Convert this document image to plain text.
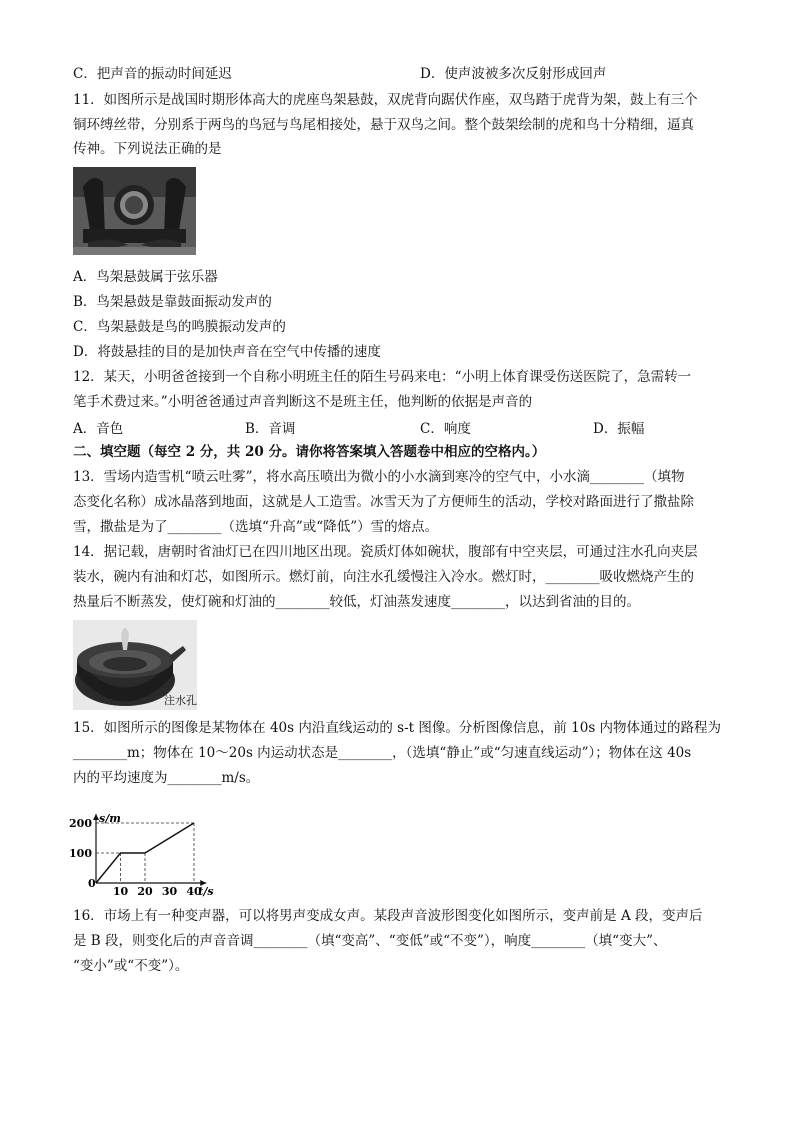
C．把声音的振动时间延迟	D．使声波被多次反射形成回声
11．如图所示是战国时期形体高大的虎座鸟架悬鼓，双虎背向踞伏作座，双鸟踏于虎背为架，鼓上有三个
铜环缚丝带，分别系于两鸟的鸟冠与鸟尾相接处，悬于双鸟之间。整个鼓架绘制的虎和鸟十分精细，逼真
传神。下列说法正确的是
A．鸟架悬鼓属于弦乐器
B．鸟架悬鼓是靠鼓面振动发声的
C．鸟架悬鼓是鸟的鸣膜振动发声的
D．将鼓悬挂的目的是加快声音在空气中传播的速度
12．某天，小明爸爸接到一个自称小明班主任的陌生号码来电：“小明上体育课受伤送医院了，急需转一
笔手术费过来。”小明爸爸通过声音判断这不是班主任，他判断的依据是声音的
A．音色	B．音调	C．响度	D．振幅
二、填空题（每空 2 分，共 20 分。请你将答案填入答题卷中相应的空格内。）
13．雪场内造雪机“喷云吐雾”，将水高压喷出为微小的小水滴到寒冷的空气中，小水滴________（填物
态变化名称）成冰晶落到地面，这就是人工造雪。冰雪天为了方便师生的活动，学校对路面进行了撒盐除
雪，撒盐是为了________（选填“升高”或“降低”）雪的熔点。
14．据记载，唐朝时省油灯已在四川地区出现。瓷质灯体如碗状，腹部有中空夹层，可通过注水孔向夹层
装水，碗内有油和灯芯，如图所示。燃灯前，向注水孔缓慢注入冷水。燃灯时，________吸收燃烧产生的
热量后不断蒸发，使灯碗和灯油的________较低，灯油蒸发速度________，以达到省油的目的。
注水孔
15．如图所示的图像是某物体在 40s 内沿直线运动的 s-t 图像。分析图像信息，前 10s 内物体通过的路程为
________m；物体在 10～20s 内运动状态是________，（选填“静止”或“匀速直线运动”）；物体在这 40s
内的平均速度为________m/s。
10 20 30 40
0
100
200
t/s
s/m
16．市场上有一种变声器，可以将男声变成女声。某段声音波形图变化如图所示，变声前是 A 段，变声后
是 B 段，则变化后的声音音调________（填“变高”、“变低”或“不变”），响度________（填“变大”、
“变小”或“不变”）。
